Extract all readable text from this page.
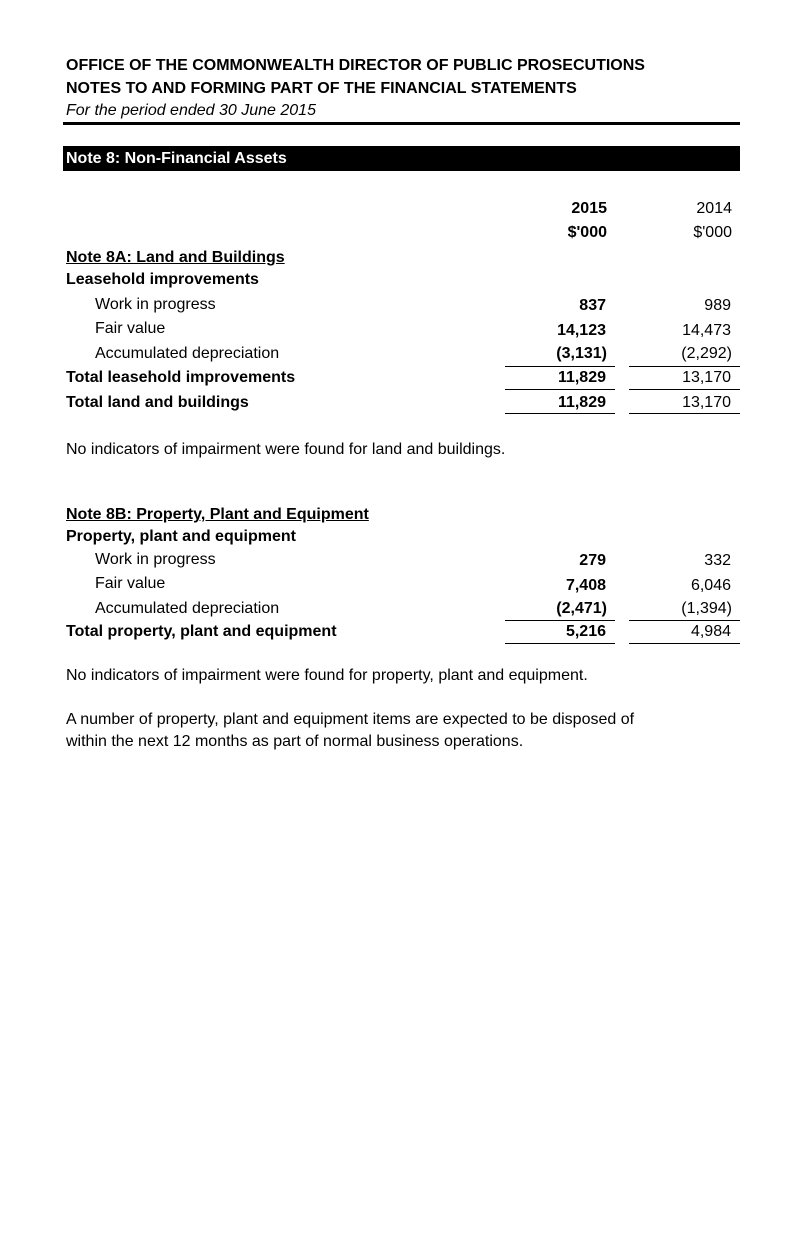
OFFICE OF THE COMMONWEALTH DIRECTOR OF PUBLIC PROSECUTIONS
NOTES TO AND FORMING PART OF THE FINANCIAL STATEMENTS
For the period ended 30 June 2015
Note 8: Non-Financial Assets
2015	2014
$'000	$'000
Note 8A: Land and Buildings
Leasehold improvements
Work in progress	837	989
Fair value	14,123	14,473
Accumulated depreciation	(3,131)	(2,292)
Total leasehold improvements	11,829	13,170
Total land and buildings	11,829	13,170
No indicators of impairment were found for land and buildings.
Note 8B: Property, Plant and Equipment
Property, plant and equipment
Work in progress	279	332
Fair value	7,408	6,046
Accumulated depreciation	(2,471)	(1,394)
Total property, plant and equipment	5,216	4,984
No indicators of impairment were found for property, plant and equipment.
A number of property, plant and equipment items are expected to be disposed of
within the next 12 months as part of normal business operations.
